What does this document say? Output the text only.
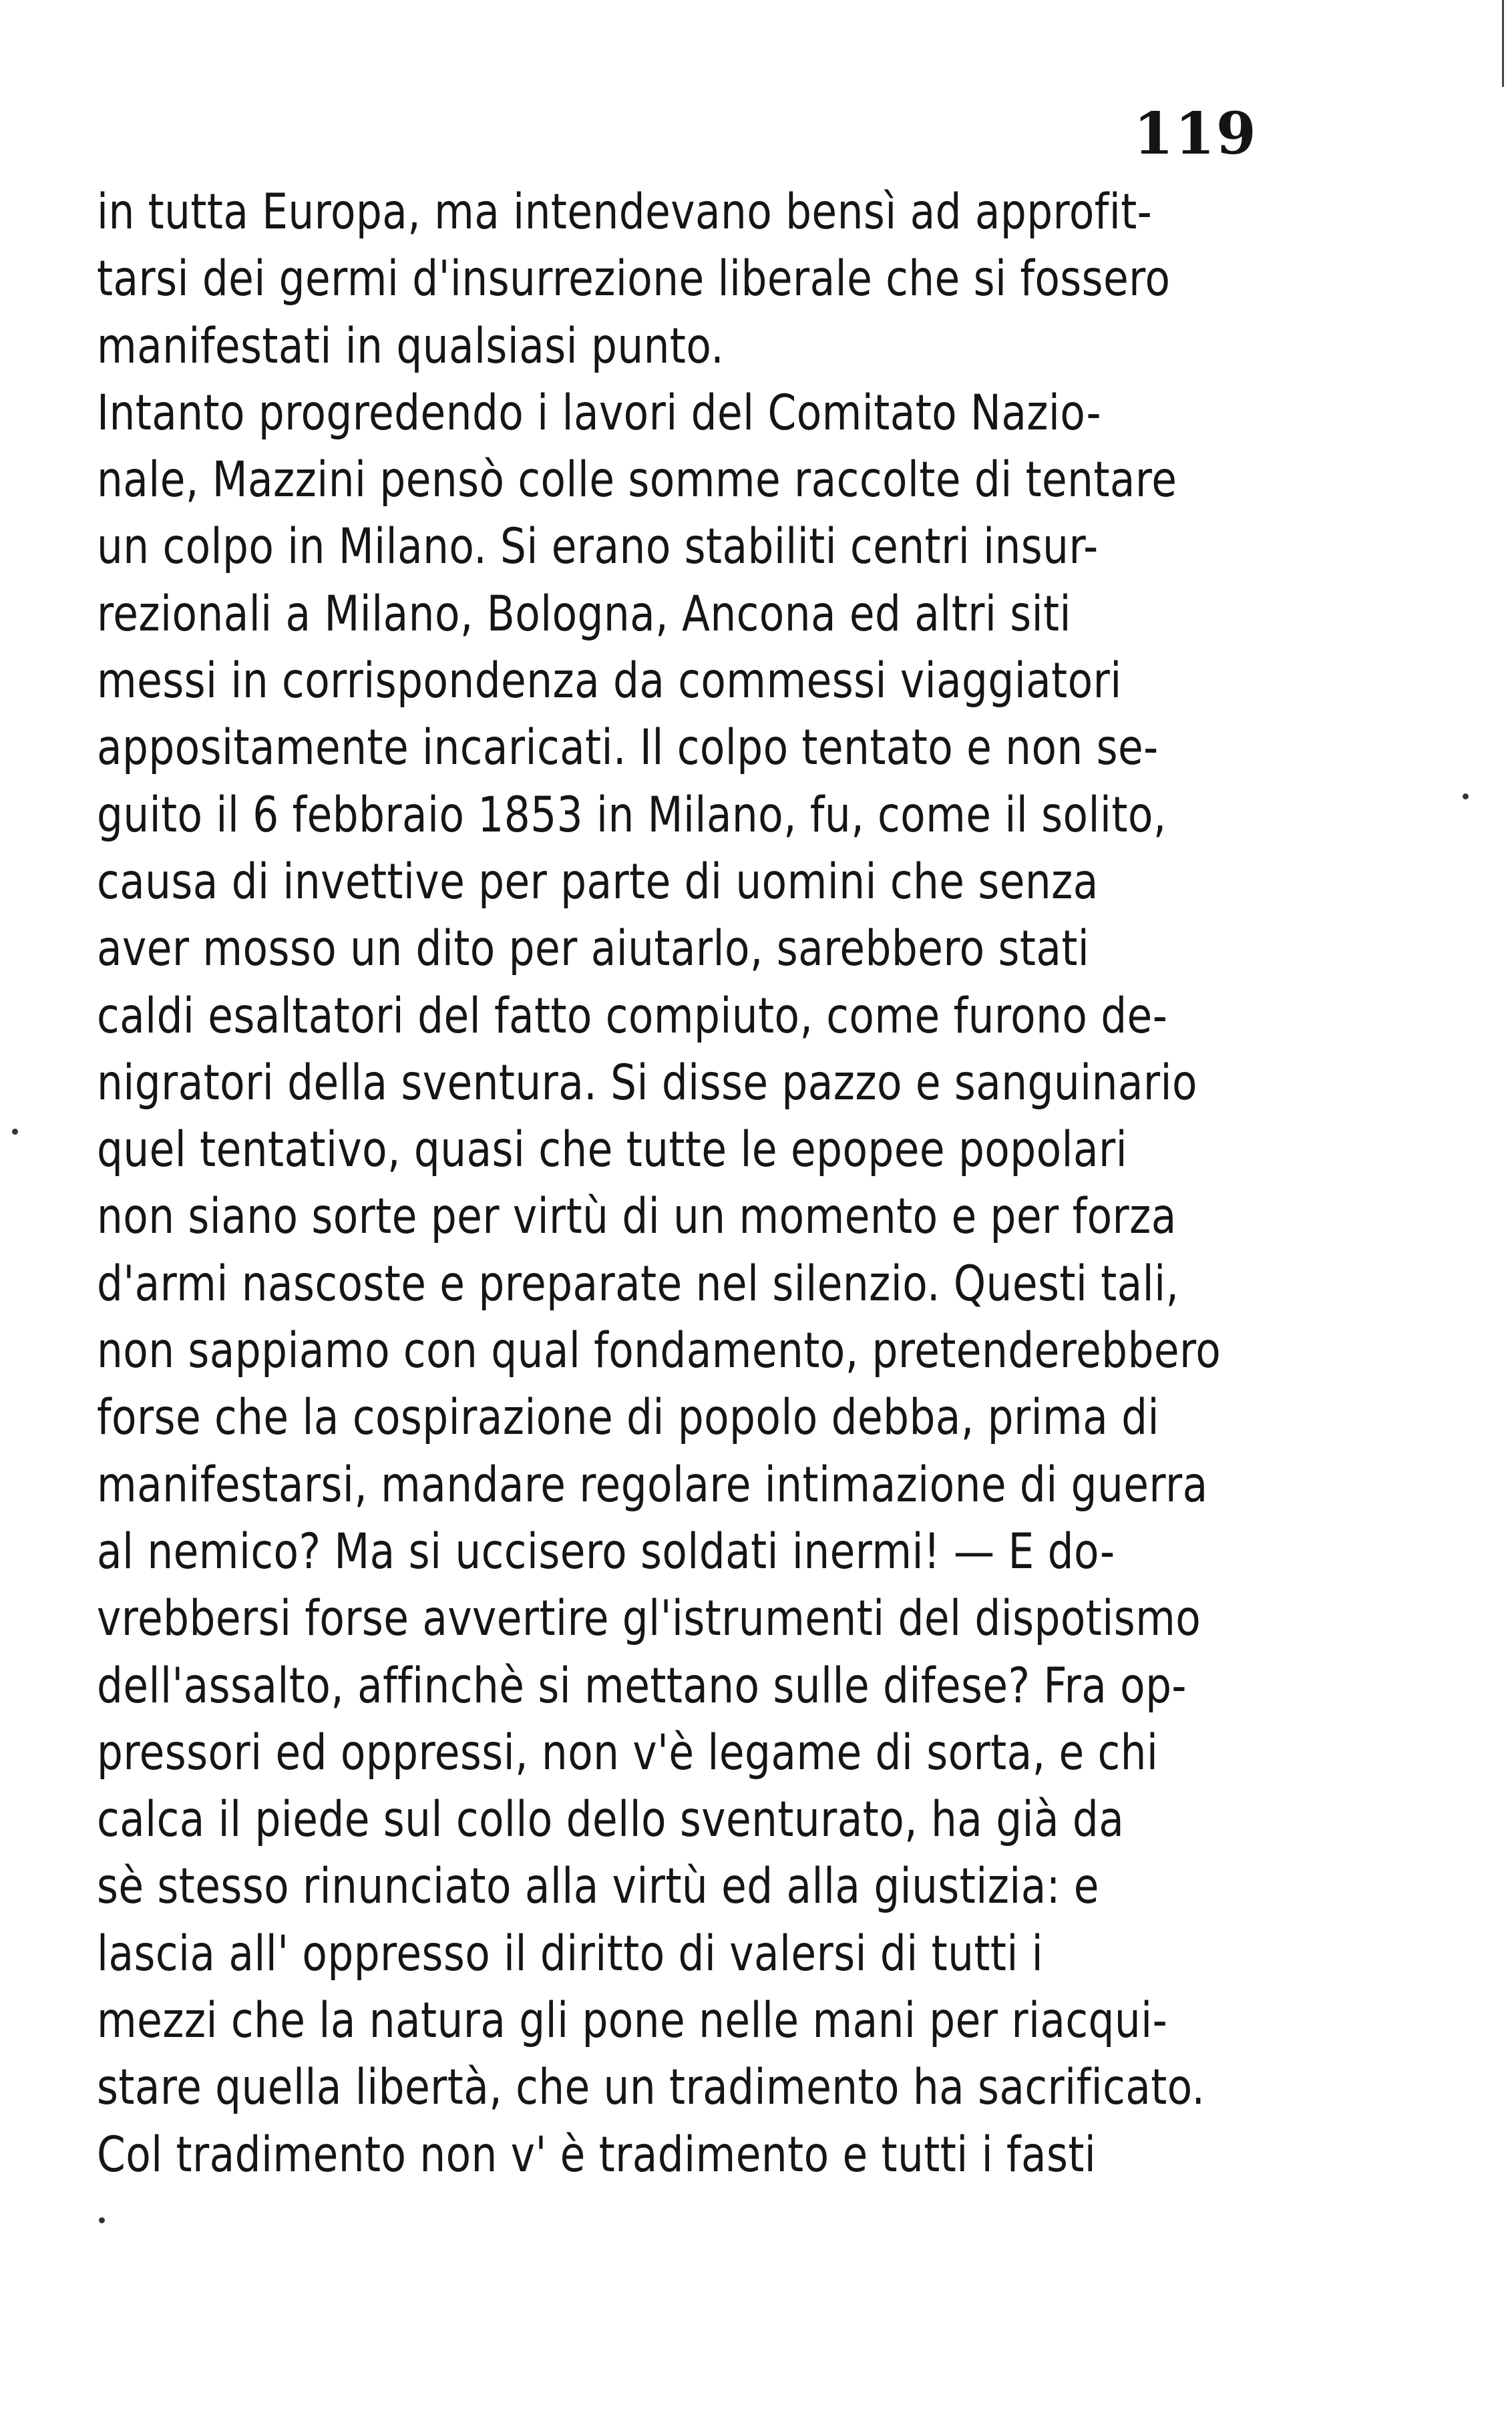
119
in tutta Europa, ma intendevano bensì ad approfit-
tarsi dei germi d'insurrezione liberale che si fossero
manifestati in qualsiasi punto.
Intanto progredendo i lavori del Comitato Nazio-
nale, Mazzini pensò colle somme raccolte di tentare
un colpo in Milano. Si erano stabiliti centri insur-
rezionali a Milano, Bologna, Ancona ed altri siti
messi in corrispondenza da commessi viaggiatori
appositamente incaricati. Il colpo tentato e non se-
guito il 6 febbraio 1853 in Milano, fu, come il solito,
causa di invettive per parte di uomini che senza
aver mosso un dito per aiutarlo, sarebbero stati
caldi esaltatori del fatto compiuto, come furono de-
nigratori della sventura. Si disse pazzo e sanguinario
quel tentativo, quasi che tutte le epopee popolari
non siano sorte per virtù di un momento e per forza
d'armi nascoste e preparate nel silenzio. Questi tali,
non sappiamo con qual fondamento, pretenderebbero
forse che la cospirazione di popolo debba, prima di
manifestarsi, mandare regolare intimazione di guerra
al nemico? Ma si uccisero soldati inermi! — E do-
vrebbersi forse avvertire gl'istrumenti del dispotismo
dell'assalto, affinchè si mettano sulle difese? Fra op-
pressori ed oppressi, non v'è legame di sorta, e chi
calca il piede sul collo dello sventurato, ha già da
sè stesso rinunciato alla virtù ed alla giustizia: e
lascia all' oppresso il diritto di valersi di tutti i
mezzi che la natura gli pone nelle mani per riacqui-
stare quella libertà, che un tradimento ha sacrificato.
Col tradimento non v' è tradimento e tutti i fasti
